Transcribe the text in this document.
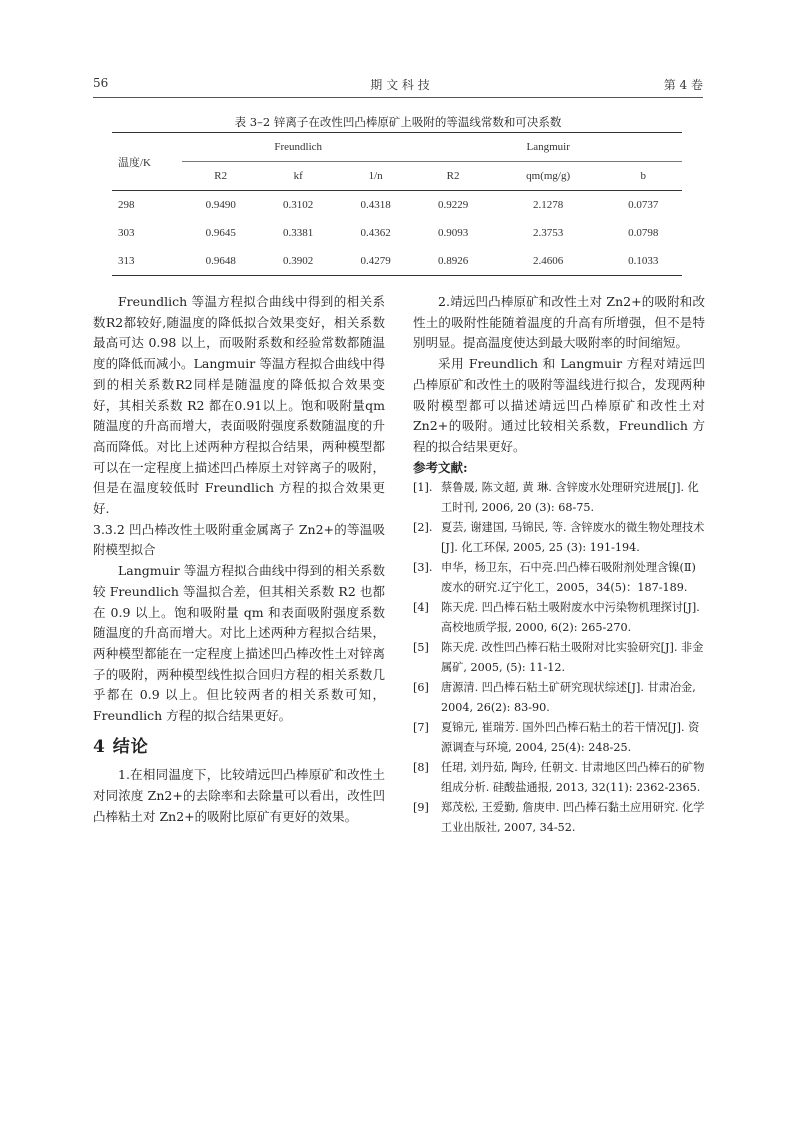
56	期 文 科 技	第 4 卷
表 3–2 锌离子在改性凹凸棒原矿上吸附的等温线常数和可决系数
温度/K	Freundlich			Langmuir		
	R2	kf	1/n	R2	qm(mg/g)	b
298	0.9490	0.3102	0.4318	0.9229	2.1278	0.0737
303	0.9645	0.3381	0.4362	0.9093	2.3753	0.0798
313	0.9648	0.3902	0.4279	0.8926	2.4606	0.1033

Freundlich 等温方程拟合曲线中得到的相关系数R2都较好,随温度的降低拟合效果变好，相关系数最高可达 0.98 以上，而吸附系数和经验常数都随温度的降低而减小。Langmuir 等温方程拟合曲线中得到的相关系数R2同样是随温度的降低拟合效果变好，其相关系数 R2 都在0.91以上。饱和吸附量qm随温度的升高而增大，表面吸附强度系数随温度的升高而降低。对比上述两种方程拟合结果，两种模型都可以在一定程度上描述凹凸棒原土对锌离子的吸附，但是在温度较低时 Freundlich 方程的拟合效果更好.

3.3.2 凹凸棒改性土吸附重金属离子 Zn2+的等温吸附模型拟合

Langmuir 等温方程拟合曲线中得到的相关系数较 Freundlich 等温拟合差，但其相关系数 R2 也都在 0.9 以上。饱和吸附量 qm 和表面吸附强度系数随温度的升高而增大。对比上述两种方程拟合结果，两种模型都能在一定程度上描述凹凸棒改性土对锌离子的吸附，两种模型线性拟合回归方程的相关系数几乎都在 0.9 以上。但比较两者的相关系数可知，Freundlich 方程的拟合结果更好。

4 结论

1.在相同温度下，比较靖远凹凸棒原矿和改性土对同浓度 Zn2+的去除率和去除量可以看出，改性凹凸棒粘土对 Zn2+的吸附比原矿有更好的效果。

2.靖远凹凸棒原矿和改性土对 Zn2+的吸附和改性土的吸附性能随着温度的升高有所增强，但不是特别明显。提高温度使达到最大吸附率的时间缩短。

采用 Freundlich 和 Langmuir 方程对靖远凹凸棒原矿和改性土的吸附等温线进行拟合，发现两种吸附模型都可以描述靖远凹凸棒原矿和改性土对 Zn2+的吸附。通过比较相关系数，Freundlich 方程的拟合结果更好。

参考文献:

[1]. 蔡鲁晟, 陈文超, 黄 琳. 含锌废水处理研究进展[J]. 化工时刊, 2006, 20 (3): 68-75.
[2]. 夏芸, 谢建国, 马锦民, 等. 含锌废水的微生物处理技术[J]. 化工环保, 2005, 25 (3): 191-194.
[3]. 申华，杨卫东，石中亮.凹凸棒石吸附剂处理含镍(Ⅱ)废水的研究.辽宁化工，2005，34(5)：187-189.
[4]	陈天虎. 凹凸棒石粘土吸附废水中污染物机理探讨[J]. 高校地质学报, 2000, 6(2): 265-270.
[5]	陈天虎. 改性凹凸棒石粘土吸附对比实验研究[J]. 非金属矿, 2005, (5): 11-12.
[6]	唐源清. 凹凸棒石粘土矿研究现状综述[J]. 甘肃冶金, 2004, 26(2): 83-90.
[7]	夏锦元, 崔瑞芳. 国外凹凸棒石粘土的若干情况[J]. 资源调查与环境, 2004, 25(4): 248-25.
[8]	任珺, 刘丹茹, 陶玲, 任朝文. 甘肃地区凹凸棒石的矿物组成分析. 硅酸盐通报, 2013, 32(11): 2362-2365.
[9]	郑茂松, 王爱勤, 詹庚申. 凹凸棒石黏土应用研究. 化学工业出版社, 2007, 34-52.
